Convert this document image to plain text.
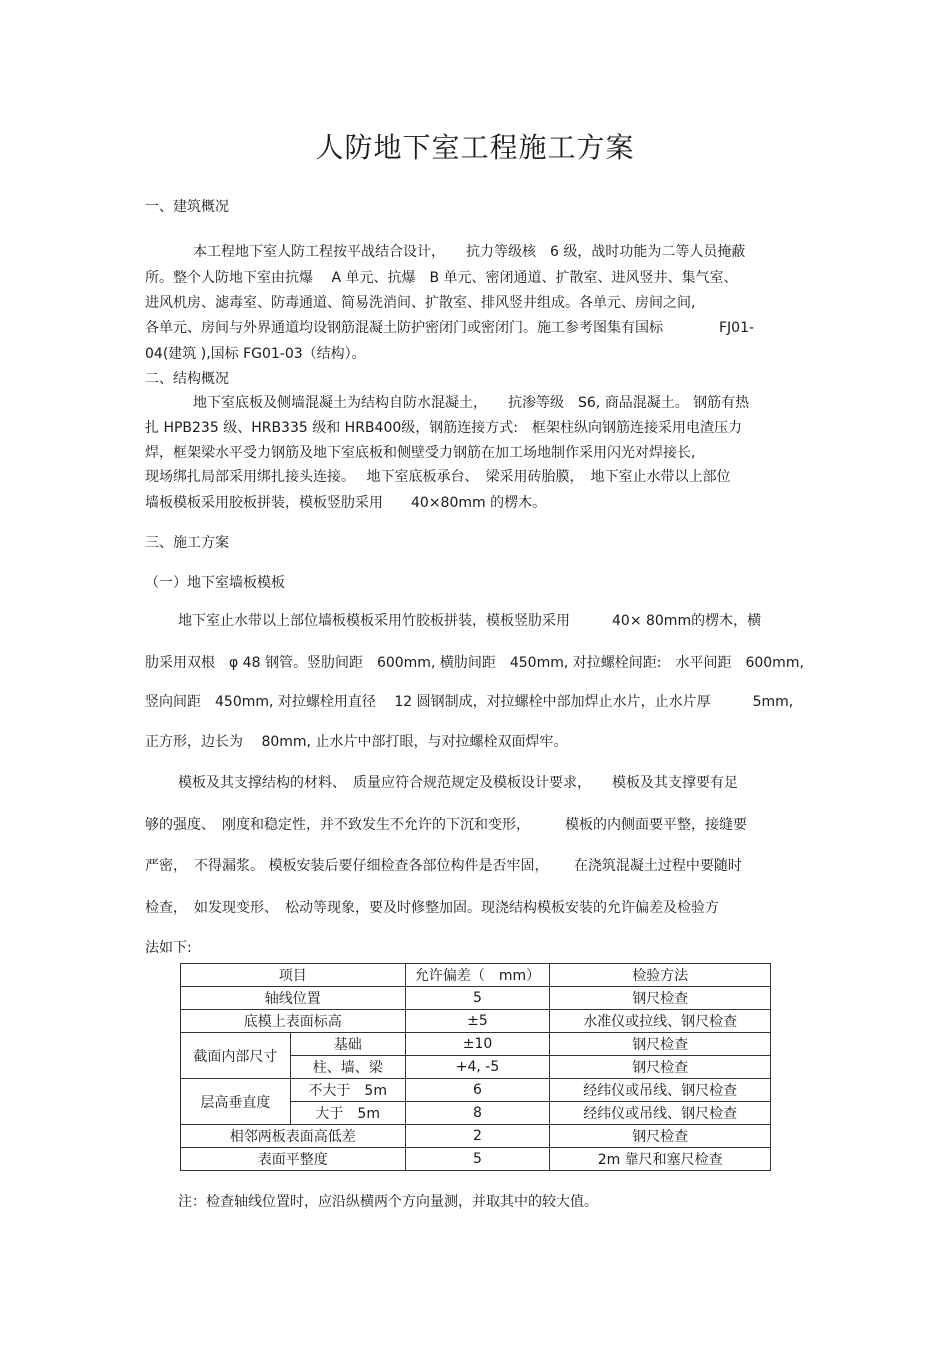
人防地下室工程施工方案
一、建筑概况
本工程地下室人防工程按平战结合设计，　　抗力等级核　6 级，战时功能为二等人员掩蔽
所。整个人防地下室由抗爆　 A 单元、抗爆　B 单元、密闭通道、扩散室、进风竖井、集气室、
进风机房、滤毒室、防毒通道、简易洗消间、扩散室、排风竖井组成。各单元、房间之间,
各单元、房间与外界通道均设钢筋混凝土防护密闭门或密闭门。施工参考图集有国标　　　　FJ01-
04(建筑 ),国标 FG01-03（结构）。
二、结构概况
地下室底板及侧墙混凝土为结构自防水混凝土，　　抗渗等级　S6, 商品混凝土。 钢筋有热
扎 HPB235 级、HRB335 级和 HRB400级，钢筋连接方式:　框架柱纵向钢筋连接采用电渣压力
焊，框架梁水平受力钢筋及地下室底板和侧壁受力钢筋在加工场地制作采用闪光对焊接长,
现场绑扎局部采用绑扎接头连接。　 地下室底板承台、　梁采用砖胎膜，　地下室止水带以上部位
墙板模板采用胶板拼装，模板竖肋采用　　40×80mm 的楞木。
三、施工方案
（一）地下室墙板模板
地下室止水带以上部位墙板模板采用竹胶板拼装，模板竖肋采用　　　40× 80mm的楞木，横
肋采用双根　φ 48 钢管。竖肋间距　600mm, 横肋间距　450mm, 对拉螺栓间距:　水平间距　600mm,
竖向间距　450mm, 对拉螺栓用直径　 12 圆钢制成，对拉螺栓中部加焊止水片，止水片厚　　　5mm,
正方形，边长为　 80mm, 止水片中部打眼，与对拉螺栓双面焊牢。
模板及其支撑结构的材料、　质量应符合规范规定及模板设计要求，　　模板及其支撑要有足
够的强度、　刚度和稳定性，并不致发生不允许的下沉和变形，　　　模板的内侧面要平整，接缝要
严密，　不得漏浆。 模板安装后要仔细检查各部位构件是否牢固，　　 在浇筑混凝土过程中要随时
检查，　如发现变形、　松动等现象，要及时修整加固。现浇结构模板安装的允许偏差及检验方
法如下:
项目		允许偏差（　mm）	检验方法
轴线位置		5	钢尺检查
底模上表面标高		±5	水准仪或拉线、钢尺检查
截面内部尺寸	基础	±10	钢尺检查
	柱、墙、梁	+4, -5	钢尺检查
层高垂直度	不大于　5m	6	经纬仪或吊线、钢尺检查
	大于　5m	8	经纬仪或吊线、钢尺检查
相邻两板表面高低差		2	钢尺检查
表面平整度		5	2m 靠尺和塞尺检查
注：检查轴线位置时，应沿纵横两个方向量测，并取其中的较大值。
